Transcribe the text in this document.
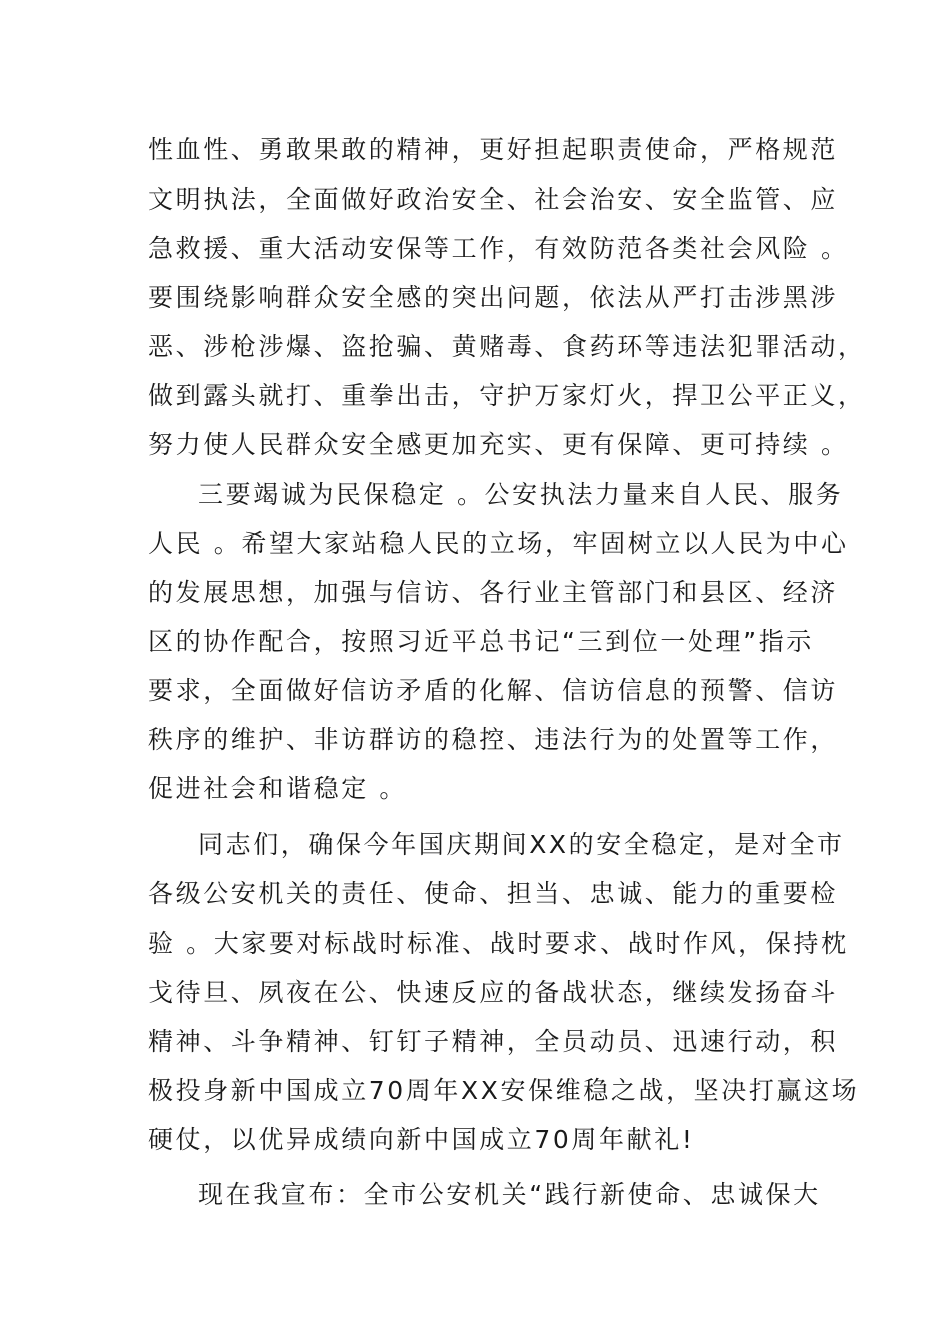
性血性、勇敢果敢的精神，更好担起职责使命，严格规范
文明执法，全面做好政治安全、社会治安、安全监管、应
急救援、重大活动安保等工作，有效防范各类社会风险 。
要围绕影响群众安全感的突出问题，依法从严打击涉黑涉
恶、涉枪涉爆、盗抢骗、黄赌毒、食药环等违法犯罪活动，
做到露头就打、重拳出击，守护万家灯火，捍卫公平正义，
努力使人民群众安全感更加充实、更有保障、更可持续 。
三要竭诚为民保稳定 。公安执法力量来自人民、服务
人民 。希望大家站稳人民的立场，牢固树立以人民为中心
的发展思想，加强与信访、各行业主管部门和县区、经济
区的协作配合，按照习近平总书记“三到位一处理”指示
要求，全面做好信访矛盾的化解、信访信息的预警、信访
秩序的维护、非访群访的稳控、违法行为的处置等工作，
促进社会和谐稳定 。
同志们，确保今年国庆期间XX的安全稳定，是对全市
各级公安机关的责任、使命、担当、忠诚、能力的重要检
验 。大家要对标战时标准、战时要求、战时作风，保持枕
戈待旦、夙夜在公、快速反应的备战状态，继续发扬奋斗
精神、斗争精神、钉钉子精神，全员动员、迅速行动，积
极投身新中国成立70周年XX安保维稳之战，坚决打赢这场
硬仗，以优异成绩向新中国成立70周年献礼!
现在我宣布：全市公安机关“践行新使命、忠诚保大
